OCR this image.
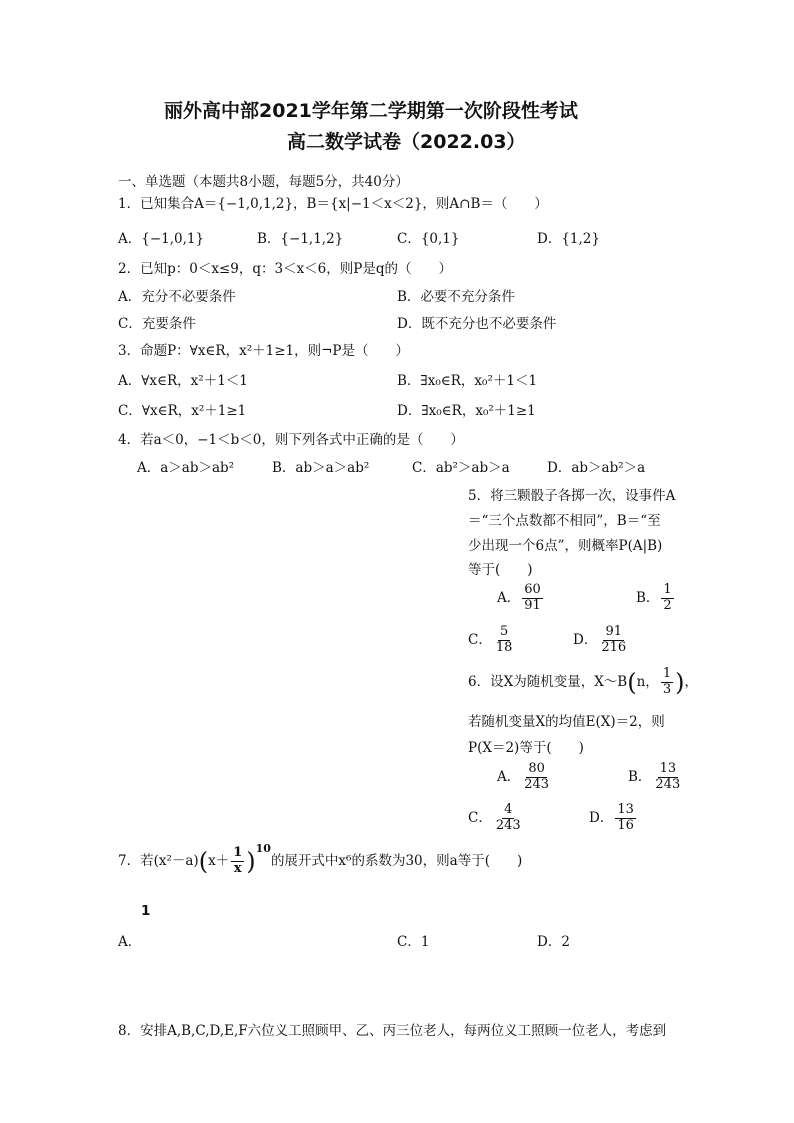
丽外高中部2021学年第二学期第一次阶段性考试
高二数学试卷（2022.03）
一、单选题（本题共8小题，每题5分，共40分）
1．已知集合A＝{−1,0,1,2}，B＝{x|−1＜x＜2}，则A∩B＝（　　）
A．{−1,0,1}	B．{−1,1,2}	C．{0,1}	D．{1,2}
2．已知p：0＜x≤9，q：3＜x＜6，则P是q的（　　）
A．充分不必要条件	B．必要不充分条件
C．充要条件	D．既不充分也不必要条件
3．命题P：∀x∈R，x²＋1≥1，则¬P是（　　）
A．∀x∈R，x²＋1＜1	B．∃x₀∈R，x₀²＋1＜1
C．∀x∈R，x²＋1≥1	D．∃x₀∈R，x₀²＋1≥1
4．若a＜0，−1＜b＜0，则下列各式中正确的是（　　）
A．a＞ab＞ab²	B．ab＞a＞ab²	C．ab²＞ab＞a	D．ab＞ab²＞a
5．将三颗骰子各掷一次，设事件A
＝“三个点数都不相同”，B＝“至
少出现一个6点”，则概率P(A|B)
等于(　　)
A． $\frac{60}{91}$	B． $\frac{1}{2}$
C． $\frac{5}{18}$	D． $\frac{91}{216}$
6．设X为随机变量，X～B(n， $\frac{1}{3}$ )，
若随机变量X的均值E(X)＝2，则
P(X＝2)等于(　　)
A． $\frac{80}{243}$	B． $\frac{13}{243}$
C． $\frac{4}{243}$	D． $\frac{13}{16}$
7．若$(x^2-a)(x+ \frac{1}{x} )^{10}$的展开式中x⁶的系数为30，则a等于(　　)
1
A．	C．1	D．2
8．安排A,B,C,D,E,F六位义工照顾甲、乙、丙三位老人，每两位义工照顾一位老人，考虑到
